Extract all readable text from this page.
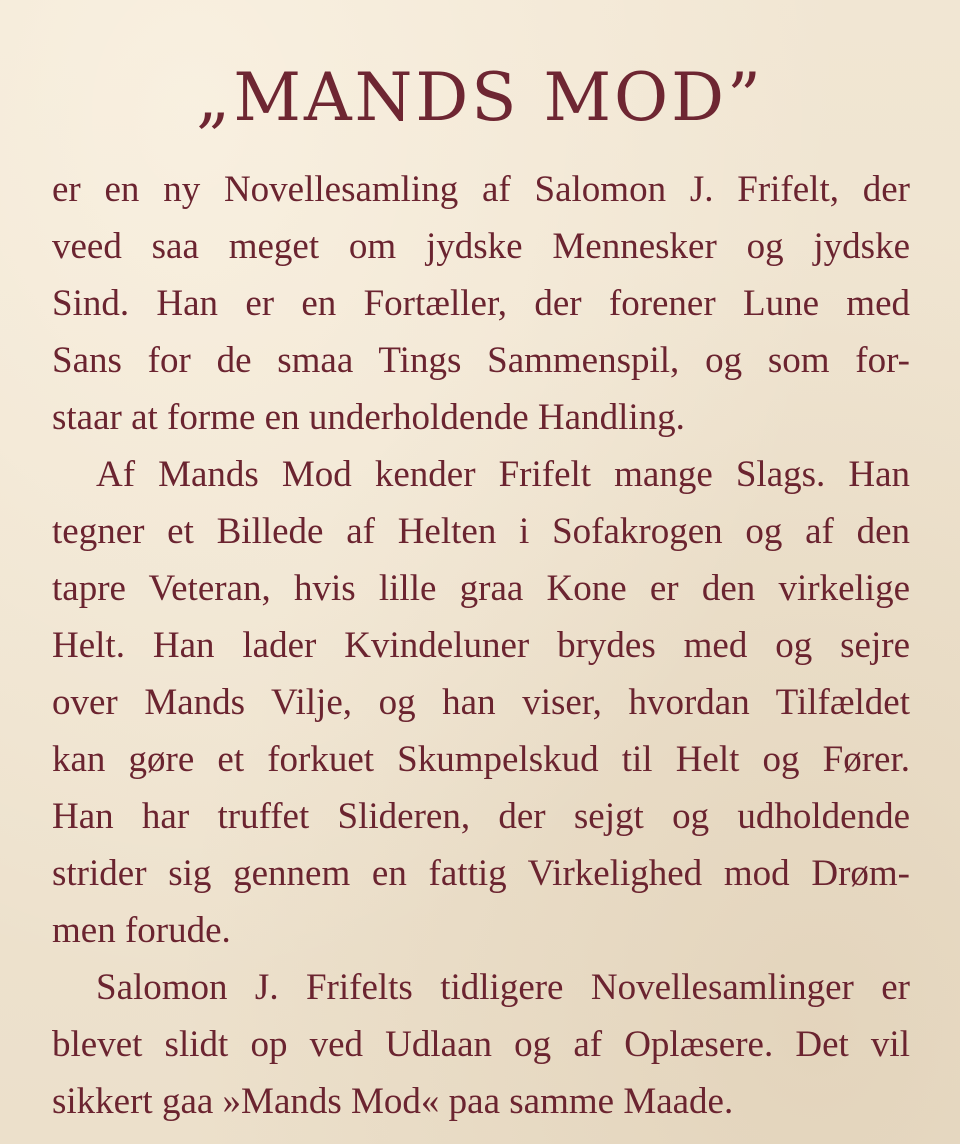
„MANDS MOD”
er en ny Novellesamling af Salomon J. Frifelt, der
veed saa meget om jydske Mennesker og jydske
Sind. Han er en Fortæller, der forener Lune med
Sans for de smaa Tings Sammenspil, og som for-
staar at forme en underholdende Handling.
Af Mands Mod kender Frifelt mange Slags. Han
tegner et Billede af Helten i Sofakrogen og af den
tapre Veteran, hvis lille graa Kone er den virkelige
Helt. Han lader Kvindeluner brydes med og sejre
over Mands Vilje, og han viser, hvordan Tilfældet
kan gøre et forkuet Skumpelskud til Helt og Fører.
Han har truffet Slideren, der sejgt og udholdende
strider sig gennem en fattig Virkelighed mod Drøm-
men forude.
Salomon J. Frifelts tidligere Novellesamlinger er
blevet slidt op ved Udlaan og af Oplæsere. Det vil
sikkert gaa »Mands Mod« paa samme Maade.
